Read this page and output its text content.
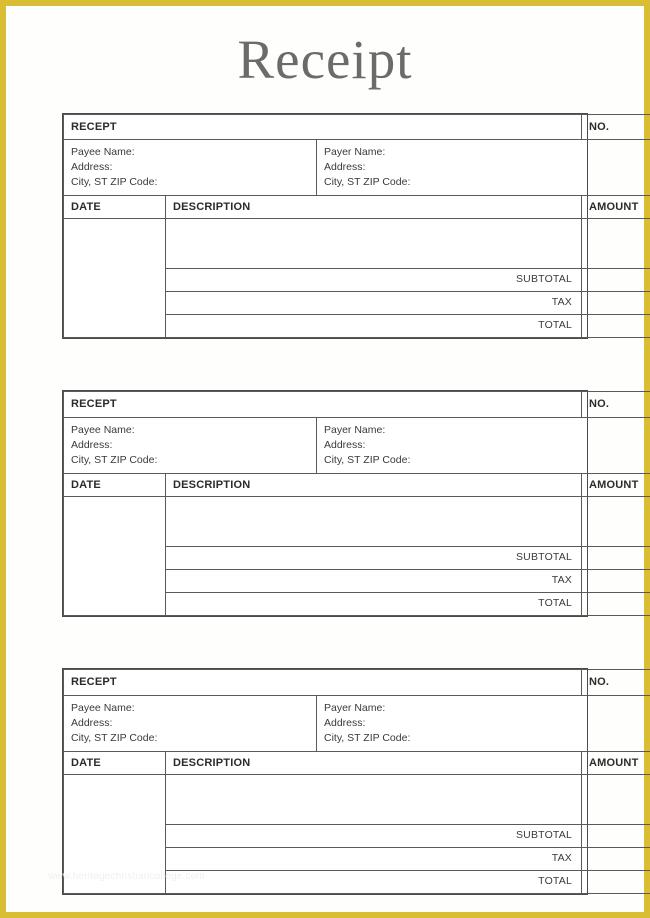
Receipt
RECEPT			NO.

Payee Name:
Address:
City, ST ZIP Code:

Payer Name:
Address:
City, ST ZIP Code:

DATE	DESCRIPTION		AMOUNT

	SUBTOTAL		

	TAX		

	TOTAL		

RECEPT			NO.

Payee Name:
Address:
City, ST ZIP Code:

Payer Name:
Address:
City, ST ZIP Code:

DATE	DESCRIPTION		AMOUNT

	SUBTOTAL		

	TAX		

	TOTAL		

RECEPT			NO.

Payee Name:
Address:
City, ST ZIP Code:

Payer Name:
Address:
City, ST ZIP Code:

DATE	DESCRIPTION		AMOUNT

	SUBTOTAL		

	TAX		

	TOTAL		

www.heritagechristiancollege.com
